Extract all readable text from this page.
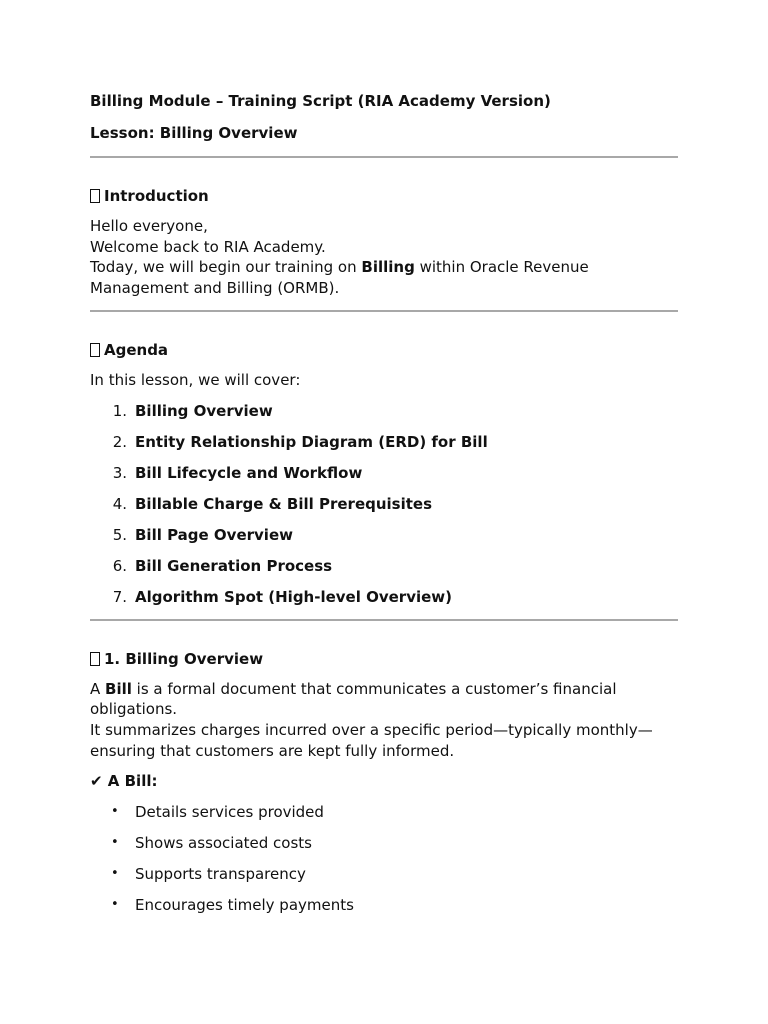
Billing Module – Training Script (RIA Academy Version)

Lesson: Billing Overview

Introduction

Hello everyone,
Welcome back to RIA Academy.
Today, we will begin our training on Billing within Oracle Revenue
Management and Billing (ORMB).

Agenda

In this lesson, we will cover:

1. Billing Overview
2. Entity Relationship Diagram (ERD) for Bill
3. Bill Lifecycle and Workflow
4. Billable Charge & Bill Prerequisites
5. Bill Page Overview
6. Bill Generation Process
7. Algorithm Spot (High-level Overview)

1. Billing Overview

A Bill is a formal document that communicates a customer’s financial
obligations.
It summarizes charges incurred over a specific period—typically monthly—
ensuring that customers are kept fully informed.

✔ A Bill:

• Details services provided
• Shows associated costs
• Supports transparency
• Encourages timely payments
